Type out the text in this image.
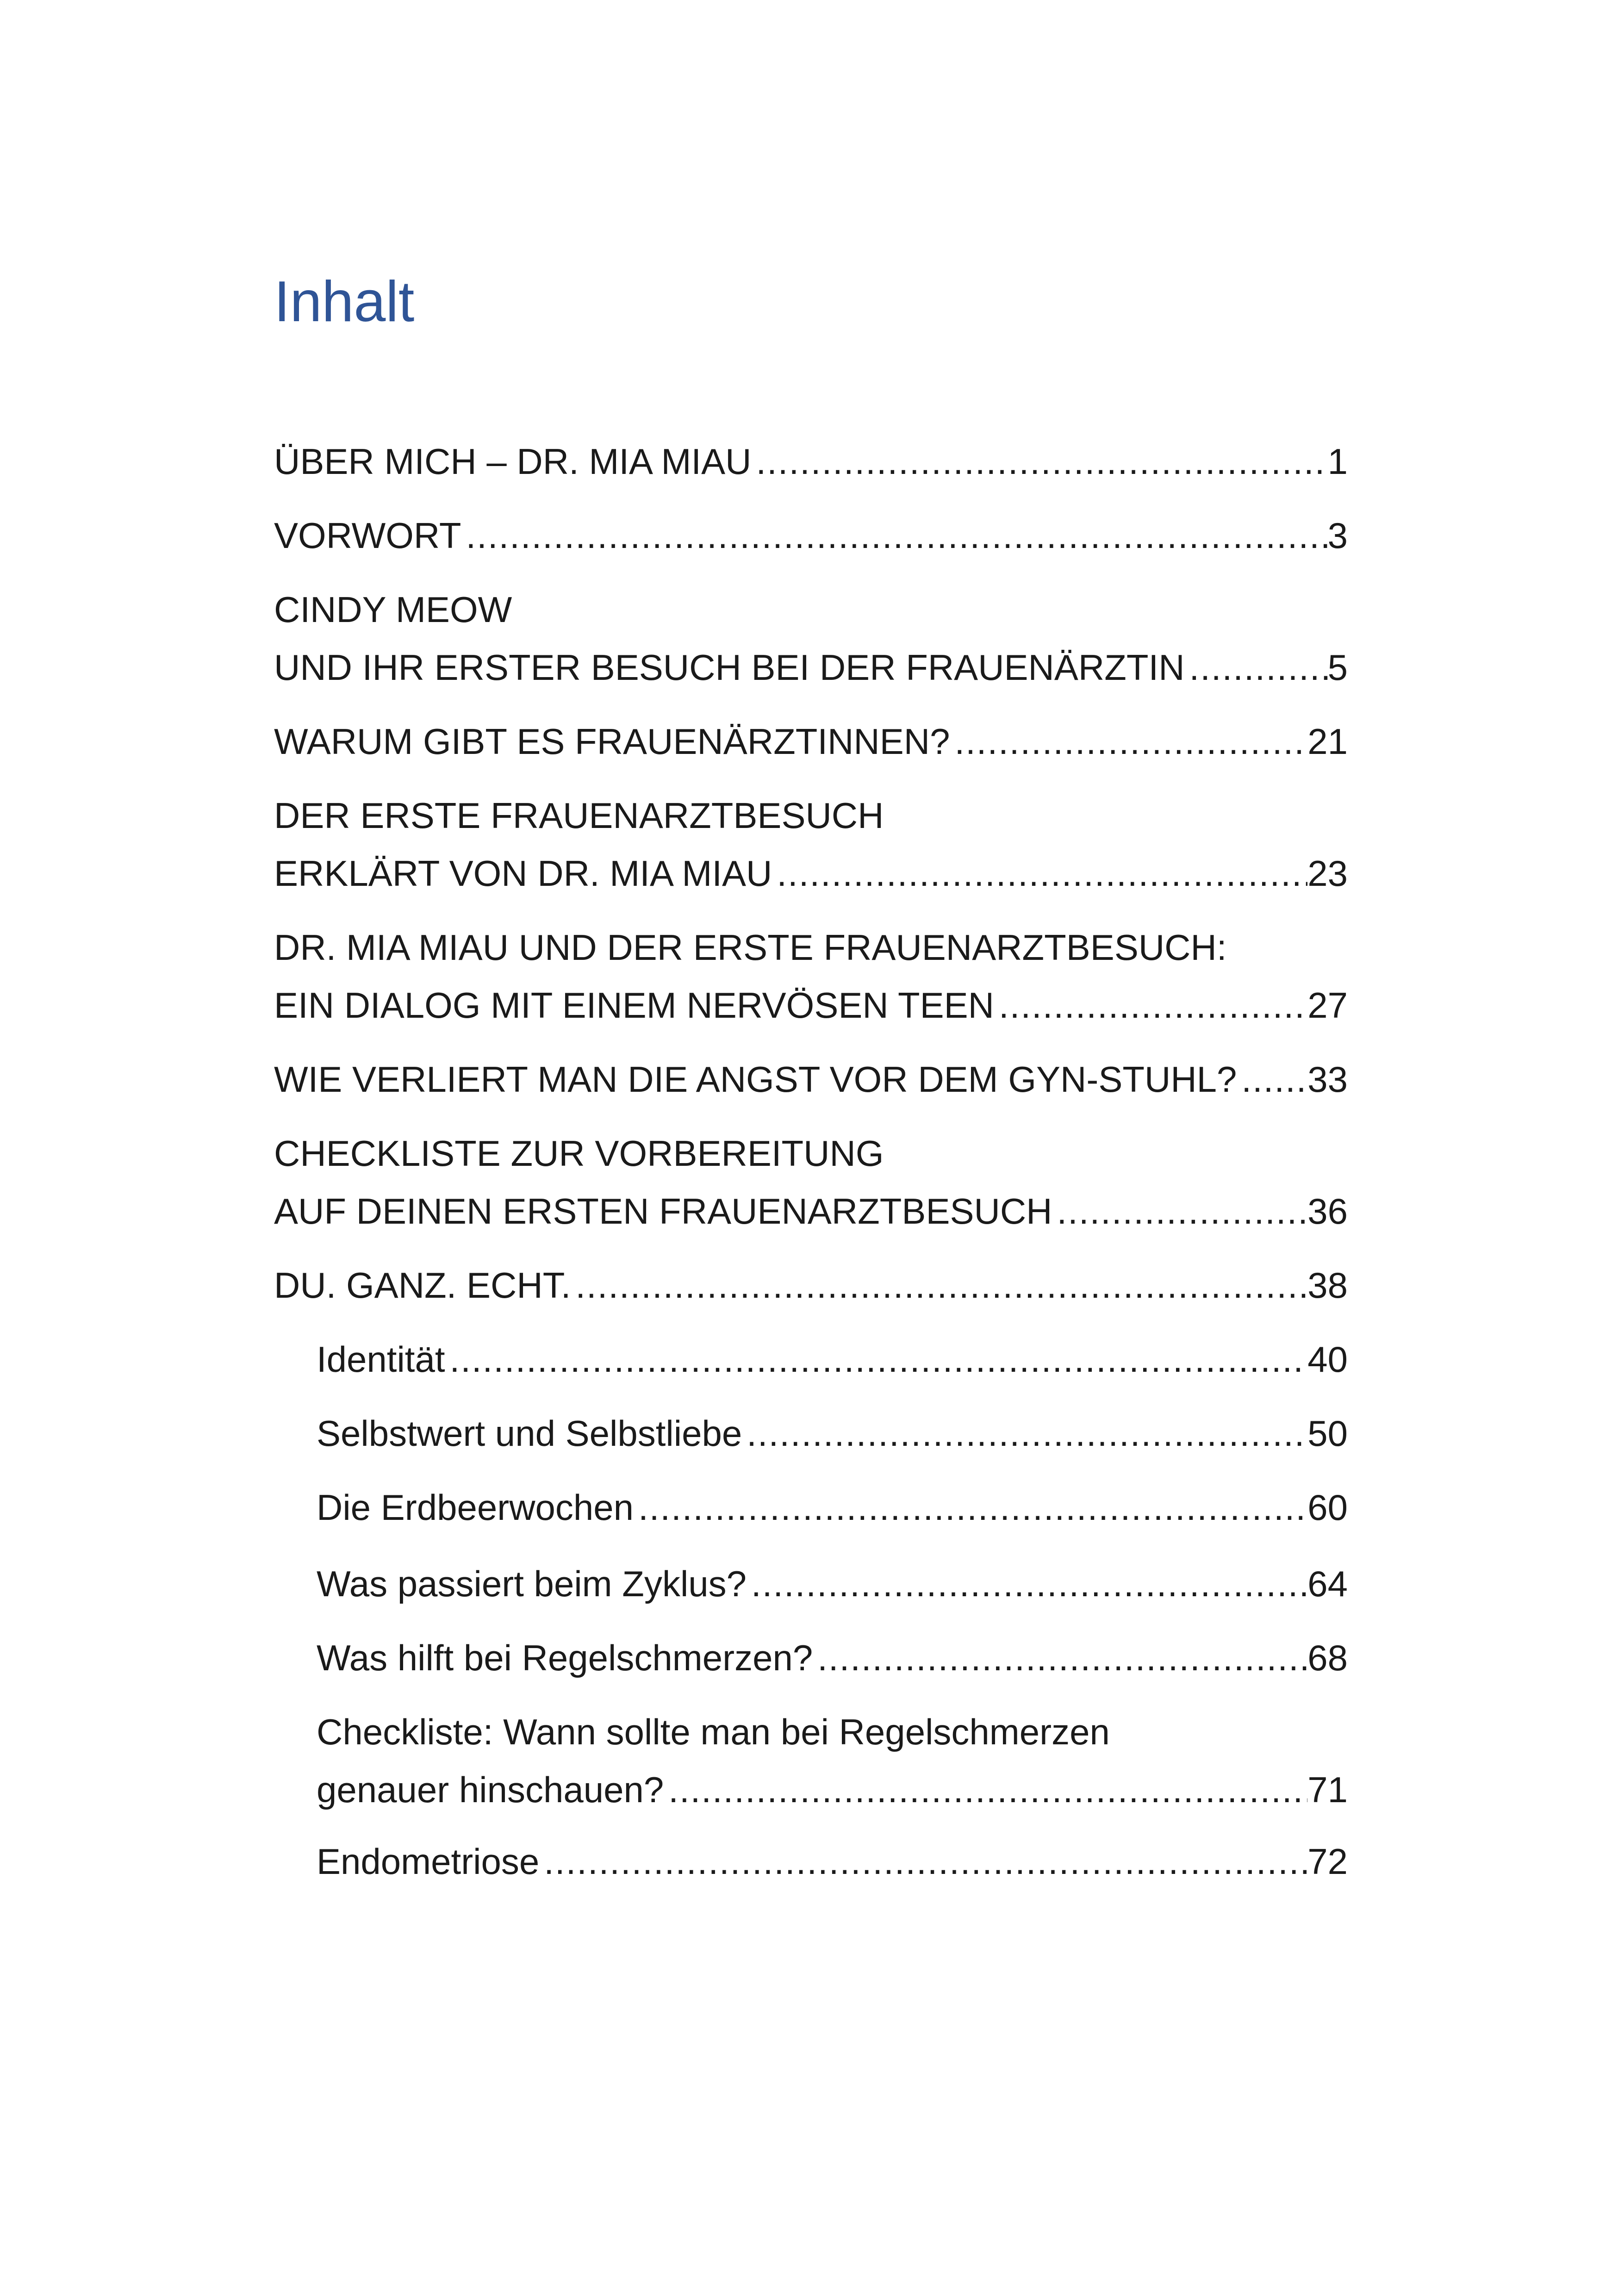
Inhalt
ÜBER MICH – DR. MIA MIAU .....	1
VORWORT .....	3
CINDY MEOW
UND IHR ERSTER BESUCH BEI DER FRAUENÄRZTIN .....	5
WARUM GIBT ES FRAUENÄRZTINNEN? .....	21
DER ERSTE FRAUENARZTBESUCH
ERKLÄRT VON DR. MIA MIAU .....	23
DR. MIA MIAU UND DER ERSTE FRAUENARZTBESUCH:
EIN DIALOG MIT EINEM NERVÖSEN TEEN .....	27
WIE VERLIERT MAN DIE ANGST VOR DEM GYN-STUHL? ..... 33
CHECKLISTE ZUR VORBEREITUNG
AUF DEINEN ERSTEN FRAUENARZTBESUCH .....	36
DU. GANZ. ECHT. .....	38
Identität .....	40
Selbstwert und Selbstliebe .....	50
Die Erdbeerwochen .....	60
Was passiert beim Zyklus? .....	64
Was hilft bei Regelschmerzen? .....	68
Checkliste: Wann sollte man bei Regelschmerzen
genauer hinschauen? .....	71
Endometriose .....	72
